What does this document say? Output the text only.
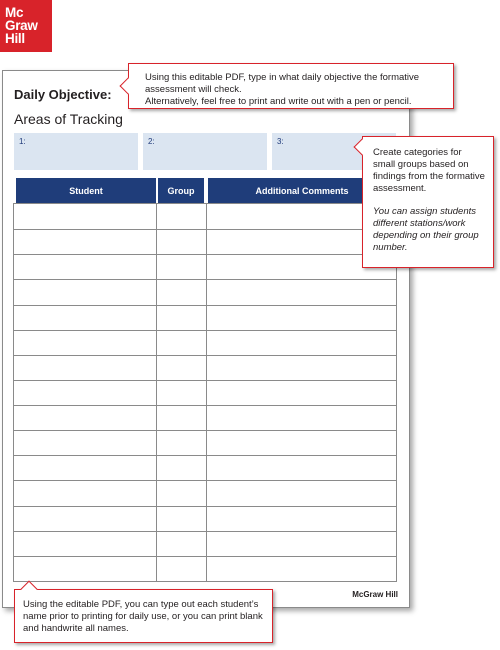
Mc
Graw
Hill
Daily Objective:
Areas of Tracking
1:	2:	3:
Student	Group	Additional Comments
McGraw Hill

Using this editable PDF, type in what daily objective the formative assessment will check.

Alternatively, feel free to print and write out with a pen or pencil.

Create categories for small groups based on findings from the formative assessment.

You can assign students different stations/work depending on their group number.

Using the editable PDF, you can type out each student’s name prior to printing for daily use, or you can print blank and handwrite all names.
